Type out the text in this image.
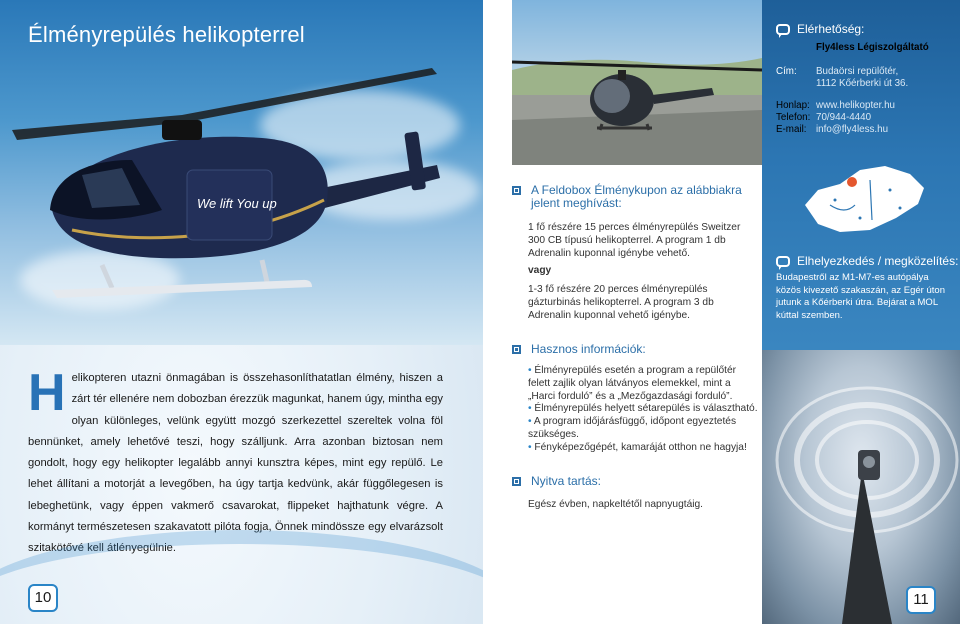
Élményrepülés helikopterrel
We lift You up
H elikopteren utazni önmagában is összehasonlíthatatlan élmény, hiszen a zárt tér ellenére nem dobozban érezzük magunkat, hanem úgy, mintha egy olyan különleges, velünk együtt mozgó szerkezettel szereltek volna föl bennünket, amely lehetővé teszi, hogy szálljunk. Arra azonban biztosan nem gondolt, hogy egy helikopter legalább annyi kunsztra képes, mint egy repülő. Le lehet állítani a motorját a levegőben, ha úgy tartja kedvünk, akár függőlegesen is lebeghetünk, vagy éppen vakmerő csavarokat, flippeket hajthatunk végre. A kormányt természetesen szakavatott pilóta fogja, Önnek mindössze egy elvarázsolt szitakötővé kell átlényegülnie.
10
A Feldobox Élménykupon az alábbiakra jelent meghívást:
1 fő részére 15 perces élményrepülés Sweitzer 300 CB típusú helikopterrel. A program 1 db Adrenalin kuponnal igénybe vehető.
vagy
1-3 fő részére 20 perces élményrepülés gázturbinás helikopterrel. A program 3 db Adrenalin kuponnal vehető igénybe.
Hasznos információk:
• Élményrepülés esetén a program a repülőtér felett zajlik olyan látványos elemekkel, mint a „Harci forduló” és a „Mezőgazdasági forduló”.
• Élményrepülés helyett sétarepülés is választható.
• A program időjárásfüggő, időpont egyeztetés szükséges.
• Fényképezőgépét, kamaráját otthon ne hagyja!
Nyitva tartás:
Egész évben, napkeltétől napnyugtáig.
Elérhetőség:
Fly4less Légiszolgáltató
Cím: Budaörsi repülőtér,
1112 Kőérberki út 36.
Honlap: www.helikopter.hu
Telefon: 70/944-4440
E-mail: info@fly4less.hu
Elhelyezkedés / megközelítés:
Budapestről az M1-M7-es autópálya közös kivezető szakaszán, az Egér úton jutunk a Kőérberki útra. Bejárat a MOL kúttal szemben.
11
